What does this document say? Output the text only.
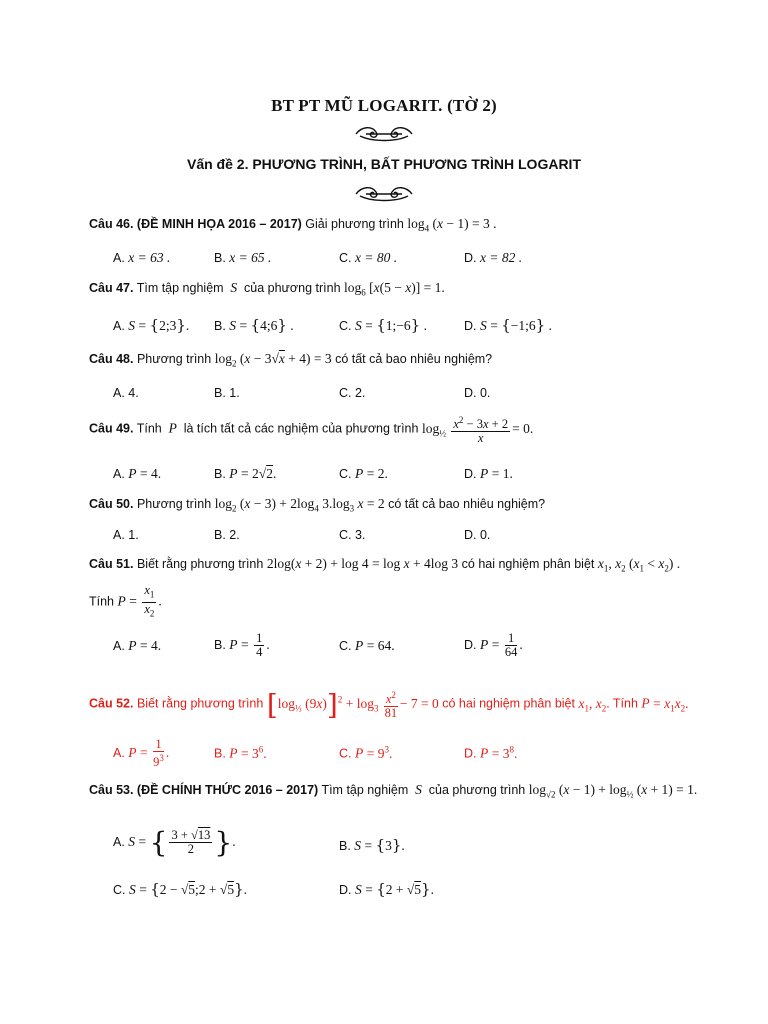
BT PT MŨ LOGARIT. (TỜ 2)
Vấn đề 2. PHƯƠNG TRÌNH, BẤT PHƯƠNG TRÌNH LOGARIT
Câu 46. (ĐỀ MINH HỌA 2016 – 2017) Giải phương trình $\log_4 (x - 1) = 3$ .
A. x = 63 .	B. x = 65 .	C. x = 80 .	D. x = 82 .
Câu 47. Tìm tập nghiệm  S  của phương trình $\log_6 [x(5 - x)] = 1$.
A. S = {2;3}. B. S = {4;6} .	C. S = {1;−6} .	D. S = {−1;6} .
Câu 48. Phương trình $\log_2 (x - 3√x + 4) = 3$ có tất cả bao nhiêu nghiệm?
A. 4.	B. 1.	C. 2.	D. 0.
Câu 49. Tính  P  là tích tất cả các nghiệm của phương trình $\log_{\frac{1}{2}} \frac{x^2 - 3x + 2}{x} = 0$.
A. P = 4.	B. P = 2√2.	C. P = 2.	D. P = 1.
Câu 50. Phương trình $\log_2 (x - 3) + 2\log_4$ $3.\log_3$ x = 2 có tất cả bao nhiêu nghiệm?
A. 1.	B. 2.	C. 3.	D. 0.
Câu 51. Biết rằng phương trình 2log(x + 2) + log 4 = log x + 4log 3 có hai nghiệm phân biệt $x_1$, $x_2$ $(x_1 < x_2)$ .
Tính $P = \frac{x_1}{x_2}$ .
A. P = 4.	B. $P = \frac{1}{4}$ .	C. P = 64.	D. $P = \frac{1}{64}$ .
Câu 52. Biết rằng phương trình [$\log_{\frac{1}{3}}$ $(9x)]^2 + \log_3 \frac{x^2}{81} - 7 = 0$ có hai nghiệm phân biệt $x_1$, $x_2$. Tính $P = x_1x_2$.
A. $P = \frac{1}{9^3}$ .	B. $P = 3^6$.	C. $P = 9^3$.	D. $P = 3^8$.
Câu 53. (ĐỀ CHÍNH THỨC 2016 – 2017) Tìm tập nghiệm  S  của phương trình $\log_{√2} (x - 1) + \log_{\frac{1}{2}} (x + 1) = 1$.
A. S = { $\frac{3 + √13}{2}$ }.	B. S = {3}.
C. S = {2 − √5;2 + √5}.	D. S = {2 + √5}.
